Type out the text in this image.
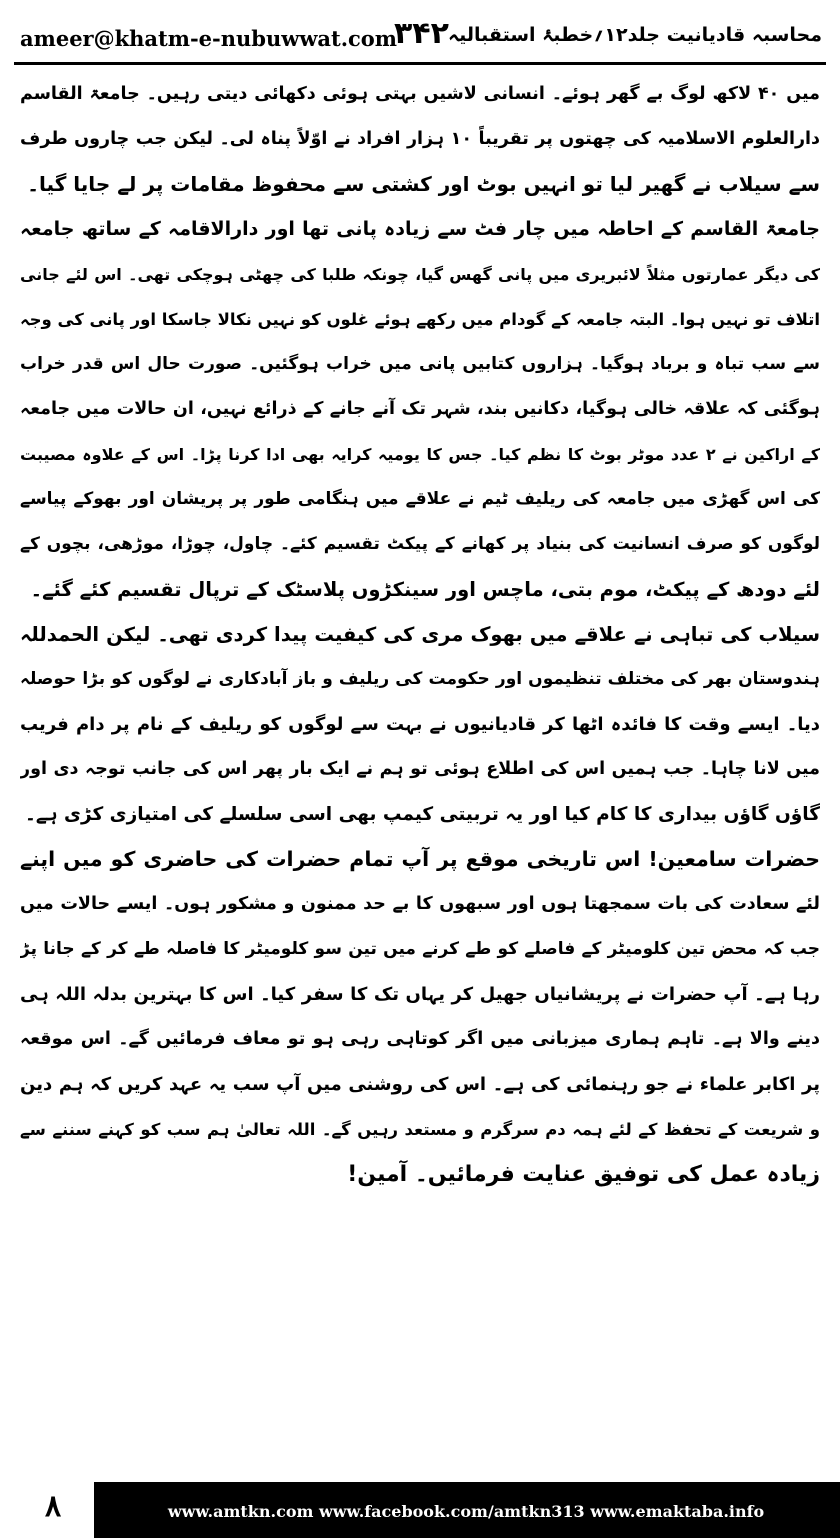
ameer@khatm-e-nubuwwat.com
۳۴۲ محاسبہ قادیانیت جلد۱۲؍خطبۂ استقبالیہ
میں ۴۰ لاکھ لوگ بے گھر ہوئے۔ انسانی لاشیں بہتی ہوئی دکھائی دیتی رہیں۔ جامعۃ القاسم
دارالعلوم الاسلامیہ کی چھتوں پر تقریباً ۱۰ ہزار افراد نے اوّلاً پناہ لی۔ لیکن جب چاروں طرف
سے سیلاب نے گھیر لیا تو انہیں بوٹ اور کشتی سے محفوظ مقامات پر لے جایا گیا۔
جامعۃ القاسم کے احاطہ میں چار فٹ سے زیادہ پانی تھا اور دارالاقامہ کے ساتھ جامعہ
کی دیگر عمارتوں مثلاً لائبریری میں پانی گھس گیا، چونکہ طلبا کی چھٹی ہوچکی تھی۔ اس لئے جانی
اتلاف تو نہیں ہوا۔ البتہ جامعہ کے گودام میں رکھے ہوئے غلوں کو نہیں نکالا جاسکا اور پانی کی وجہ
سے سب تباہ و برباد ہوگیا۔ ہزاروں کتابیں پانی میں خراب ہوگئیں۔ صورت حال اس قدر خراب
ہوگئی کہ علاقہ خالی ہوگیا، دکانیں بند، شہر تک آنے جانے کے ذرائع نہیں، ان حالات میں جامعہ
کے اراکین نے ۲ عدد موٹر بوٹ کا نظم کیا۔ جس کا یومیہ کرایہ بھی ادا کرنا پڑا۔ اس کے علاوہ مصیبت
کی اس گھڑی میں جامعہ کی ریلیف ٹیم نے علاقے میں ہنگامی طور پر پریشان اور بھوکے پیاسے
لوگوں کو صرف انسانیت کی بنیاد پر کھانے کے پیکٹ تقسیم کئے۔ چاول، چوڑا، موڑھی، بچوں کے
لئے دودھ کے پیکٹ، موم بتی، ماچس اور سینکڑوں پلاسٹک کے ترپال تقسیم کئے گئے۔
سیلاب کی تباہی نے علاقے میں بھوک مری کی کیفیت پیدا کردی تھی۔ لیکن الحمدللہ
ہندوستان بھر کی مختلف تنظیموں اور حکومت کی ریلیف و باز آبادکاری نے لوگوں کو بڑا حوصلہ
دیا۔ ایسے وقت کا فائدہ اٹھا کر قادیانیوں نے بہت سے لوگوں کو ریلیف کے نام پر دام فریب
میں لانا چاہا۔ جب ہمیں اس کی اطلاع ہوئی تو ہم نے ایک بار پھر اس کی جانب توجہ دی اور
گاؤں گاؤں بیداری کا کام کیا اور یہ تربیتی کیمپ بھی اسی سلسلے کی امتیازی کڑی ہے۔
حضرات سامعین! اس تاریخی موقع پر آپ تمام حضرات کی حاضری کو میں اپنے
لئے سعادت کی بات سمجھتا ہوں اور سبھوں کا بے حد ممنون و مشکور ہوں۔ ایسے حالات میں
جب کہ محض تین کلومیٹر کے فاصلے کو طے کرنے میں تین سو کلومیٹر کا فاصلہ طے کر کے جانا پڑ
رہا ہے۔ آپ حضرات نے پریشانیاں جھیل کر یہاں تک کا سفر کیا۔ اس کا بہترین بدلہ اللہ ہی
دینے والا ہے۔ تاہم ہماری میزبانی میں اگر کوتاہی رہی ہو تو معاف فرمائیں گے۔ اس موقعہ
پر اکابر علماء نے جو رہنمائی کی ہے۔ اس کی روشنی میں آپ سب یہ عہد کریں کہ ہم دین
و شریعت کے تحفظ کے لئے ہمہ دم سرگرم و مستعد رہیں گے۔ اللہ تعالیٰ ہم سب کو کہنے سننے سے
زیادہ عمل کی توفیق عنایت فرمائیں۔ آمین!
۸	www.amtkn.com www.facebook.com/amtkn313 www.emaktaba.info
